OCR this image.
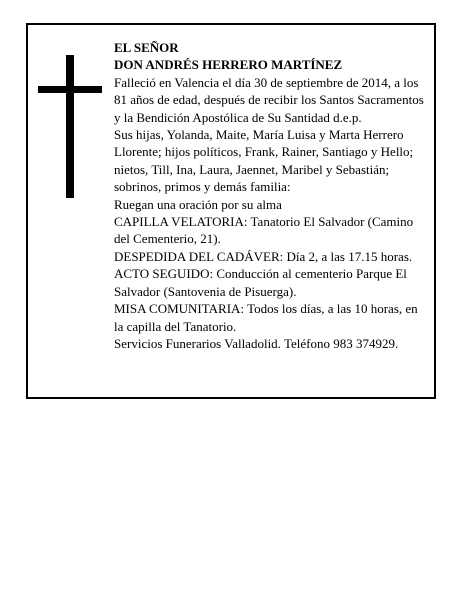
EL SEÑOR

DON ANDRÉS HERRERO MARTÍNEZ

Falleció en Valencia el día 30 de septiembre de 2014, a los 81 años de edad, después de recibir los Santos Sacramentos y la Bendición Apostólica de Su Santidad d.e.p.

Sus hijas, Yolanda, Maite, María Luisa y Marta Herrero Llorente; hijos políticos, Frank, Rainer, Santiago y Hello; nietos, Till, Ina, Laura, Jaennet, Maribel y Sebastián; sobrinos, primos y demás familia:

Ruegan una oración por su alma

CAPILLA VELATORIA: Tanatorio El Salvador (Camino del Cementerio, 21).

DESPEDIDA DEL CADÁVER: Día 2, a las 17.15 horas.

ACTO SEGUIDO: Conducción al cementerio Parque El Salvador (Santovenia de Pisuerga).

MISA COMUNITARIA: Todos los días, a las 10 horas, en la capilla del Tanatorio.

Servicios Funerarios Valladolid. Teléfono 983 374929.
